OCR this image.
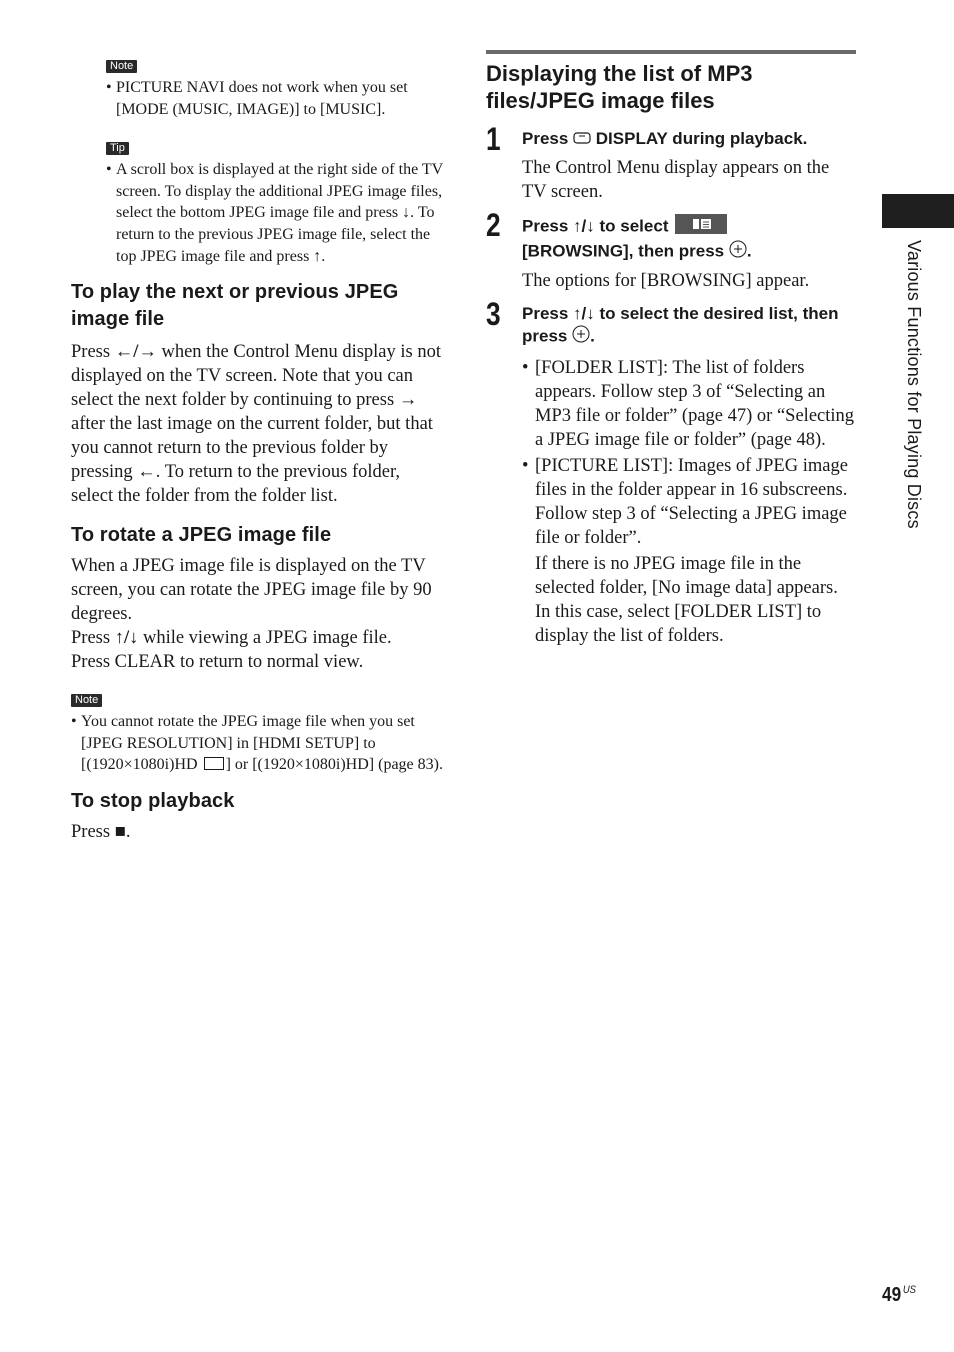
Note
• PICTURE NAVI does not work when you set [MODE (MUSIC, IMAGE)] to [MUSIC].
Tip
• A scroll box is displayed at the right side of the TV screen. To display the additional JPEG image files, select the bottom JPEG image file and press ↓. To return to the previous JPEG image file, select the top JPEG image file and press ↑.
To play the next or previous JPEG image file
Press ←/→ when the Control Menu display is not displayed on the TV screen. Note that you can select the next folder by continuing to press → after the last image on the current folder, but that you cannot return to the previous folder by pressing ←. To return to the previous folder, select the folder from the folder list.
To rotate a JPEG image file
When a JPEG image file is displayed on the TV screen, you can rotate the JPEG image file by 90 degrees.
Press ↑/↓ while viewing a JPEG image file.
Press CLEAR to return to normal view.
Note
• You cannot rotate the JPEG image file when you set [JPEG RESOLUTION] in [HDMI SETUP] to [(1920×1080i)HD ] or [(1920×1080i)HD] (page 83).
To stop playback
Press ■.
Displaying the list of MP3 files/JPEG image files
1 Press  DISPLAY during playback.
The Control Menu display appears on the TV screen.
2 Press ↑/↓ to select
[BROWSING], then press .
The options for [BROWSING] appear.
3 Press ↑/↓ to select the desired list, then press .
• [FOLDER LIST]: The list of folders appears. Follow step 3 of “Selecting an MP3 file or folder” (page 47) or “Selecting a JPEG image file or folder” (page 48).
• [PICTURE LIST]: Images of JPEG image files in the folder appear in 16 subscreens. Follow step 3 of “Selecting a JPEG image file or folder”.
If there is no JPEG image file in the selected folder, [No image data] appears. In this case, select [FOLDER LIST] to display the list of folders.
Various Functions for Playing Discs
49 $^{US}$
